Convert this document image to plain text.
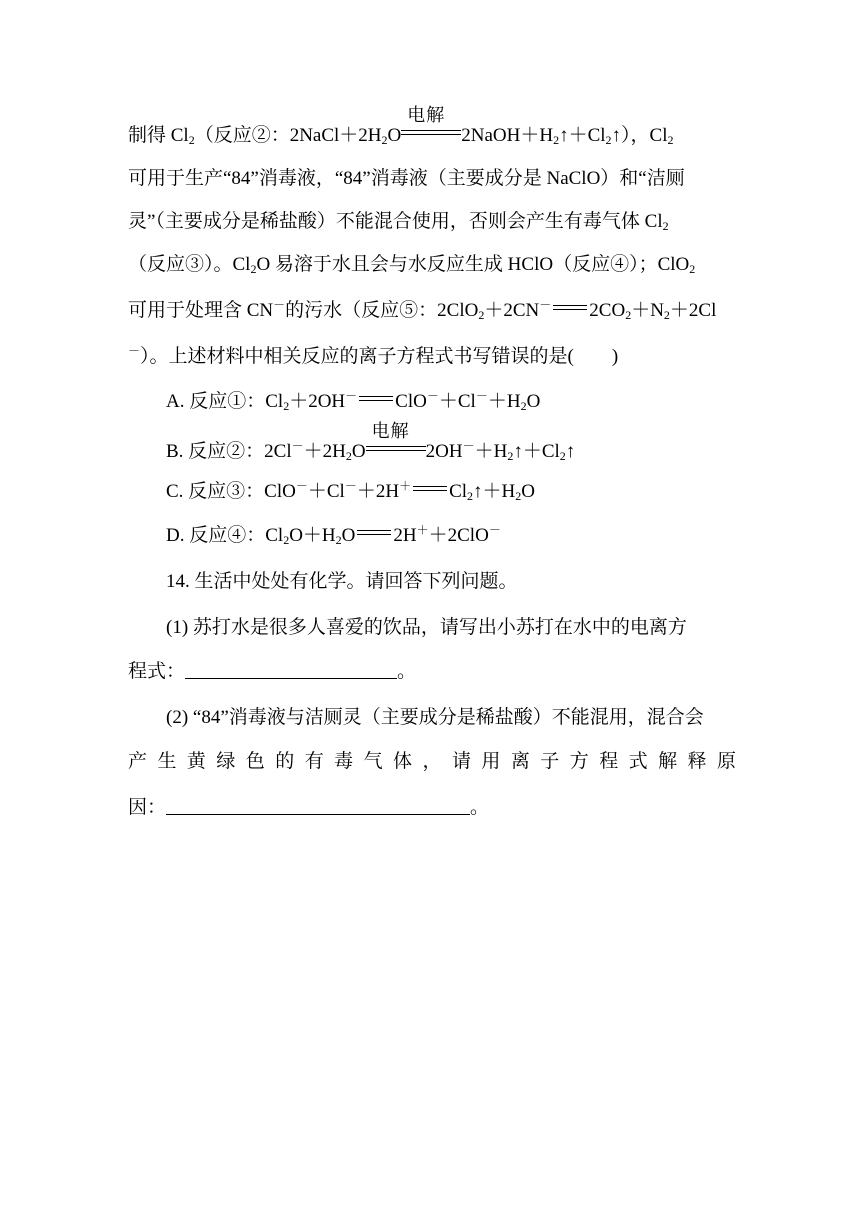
制得 $Cl_2$（反应②：$2NaCl+2H_2O$
电解
$2NaOH+H_2↑+Cl_2↑$），$Cl_2$
可用于生产“84”消毒液，“84”消毒液（主要成分是 NaClO）和“洁厕
灵”（主要成分是稀盐酸）不能混合使用，否则会产生有毒气体 $Cl_2$
（反应③）。$Cl_2O$ 易溶于水且会与水反应生成 HClO（反应④）；ClO$_2$
可用于处理含 CN－的污水（反应⑤：2ClO$_2$＋2CN－ $2CO_2+N_2+2Cl$
－）。上述材料中相关反应的离子方程式书写错误的是(　　)
A. 反应①：$Cl_2+2OH^-$ $ClO^-+Cl^-+H_2O$
B. 反应②：$2Cl^-+2H_2O$
电解
$2OH^-+H_2↑+Cl_2↑$
C. 反应③：ClO－＋Cl－＋2H＋ $Cl_2↑+H_2O$
D. 反应④：$Cl_2O+H_2O$ 2H＋＋2ClO－
14. 生活中处处有化学。请回答下列问题。
(1) 苏打水是很多人喜爱的饮品，请写出小苏打在水中的电离方
程式：	。
(2) “84”消毒液与洁厕灵（主要成分是稀盐酸）不能混用，混合会
产生黄绿色的有毒气体，请用离子方程式解释原
因：	。
